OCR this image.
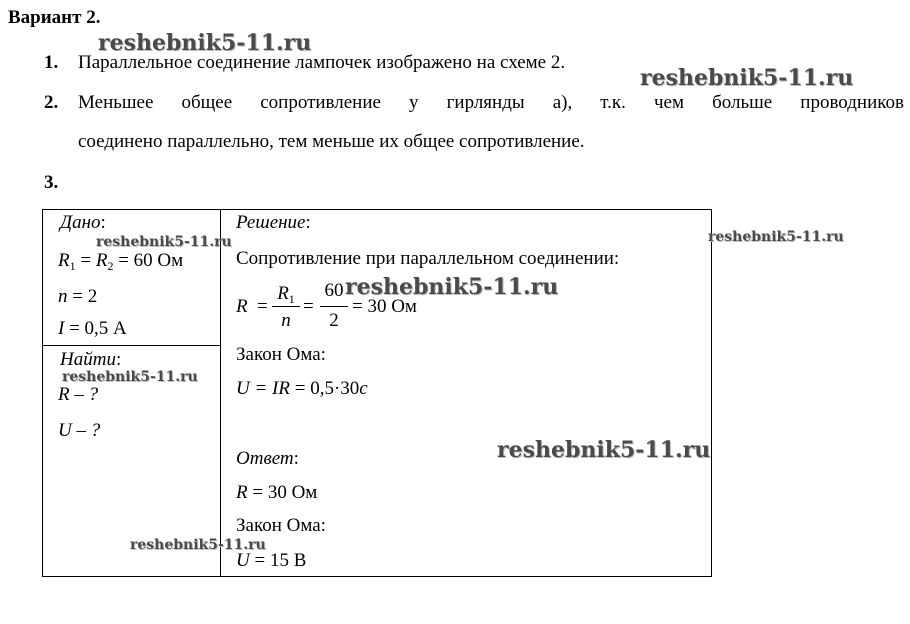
Вариант 2.
1. Параллельное соединение лампочек изображено на схеме 2.
2. Меньшее общее сопротивление у гирлянды а), т.к. чем больше проводников
соединено параллельно, тем меньше их общее сопротивление.
3.
Дано:
$R_1 = R_2 = 60$ Ом
n = 2
I = 0,5 А
Найти:
R – ?
U – ?
Решение:
Сопротивление при параллельном соединении:
R =
$R_1$
n
=
60
2
= 30 Ом
Закон Ома:
U = IR = 0,5·30c
Ответ:
R = 30 Ом
Закон Ома:
U = 15 В
reshebnik5-11.ru
reshebnik5-11.ru
reshebnik5-11.ru	reshebnik5-11.ru
reshebnik5-11.ru
reshebnik5-11.ru
reshebnik5-11.ru
reshebnik5-11.ru
